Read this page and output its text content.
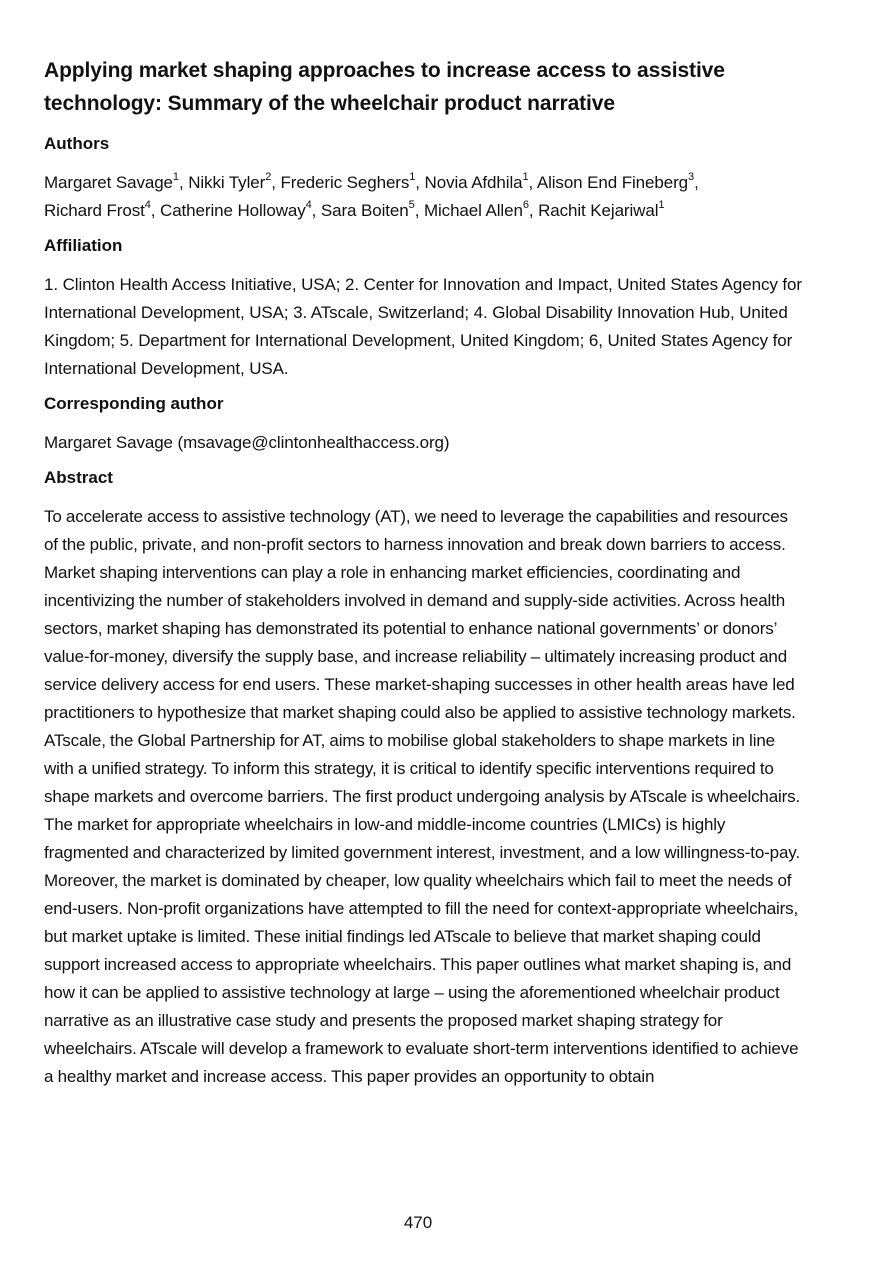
Applying market shaping approaches to increase access to assistive technology: Summary of the wheelchair product narrative
Authors

Margaret Savage$^1$, Nikki Tyler$^2$, Frederic Seghers$^1$, Novia Afdhila$^1$, Alison End Fineberg$^3$,
Richard Frost$^4$, Catherine Holloway$^4$, Sara Boiten$^5$, Michael Allen$^6$, Rachit Kejariwal$^1$

Affiliation

1. Clinton Health Access Initiative, USA; 2. Center for Innovation and Impact, United States Agency for International Development, USA; 3. ATscale, Switzerland; 4. Global Disability Innovation Hub, United Kingdom; 5. Department for International Development, United Kingdom; 6, United States Agency for International Development, USA.

Corresponding author

Margaret Savage (msavage@clintonhealthaccess.org)

Abstract

To accelerate access to assistive technology (AT), we need to leverage the capabilities and resources of the public, private, and non-profit sectors to harness innovation and break down barriers to access. Market shaping interventions can play a role in enhancing market efficiencies, coordinating and incentivizing the number of stakeholders involved in demand and supply-side activities. Across health sectors, market shaping has demonstrated its potential to enhance national governments’ or donors’ value-for-money, diversify the supply base, and increase reliability – ultimately increasing product and service delivery access for end users. These market-shaping successes in other health areas have led practitioners to hypothesize that market shaping could also be applied to assistive technology markets. ATscale, the Global Partnership for AT, aims to mobilise global stakeholders to shape markets in line with a unified strategy. To inform this strategy, it is critical to identify specific interventions required to shape markets and overcome barriers. The first product undergoing analysis by ATscale is wheelchairs. The market for appropriate wheelchairs in low-and middle-income countries (LMICs) is highly fragmented and characterized by limited government interest, investment, and a low willingness-to-pay. Moreover, the market is dominated by cheaper, low quality wheelchairs which fail to meet the needs of end-users. Non-profit organizations have attempted to fill the need for context-appropriate wheelchairs, but market uptake is limited. These initial findings led ATscale to believe that market shaping could support increased access to appropriate wheelchairs. This paper outlines what market shaping is, and how it can be applied to assistive technology at large – using the aforementioned wheelchair product narrative as an illustrative case study and presents the proposed market shaping strategy for wheelchairs. ATscale will develop a framework to evaluate short-term interventions identified to achieve a healthy market and increase access. This paper provides an opportunity to obtain

470
